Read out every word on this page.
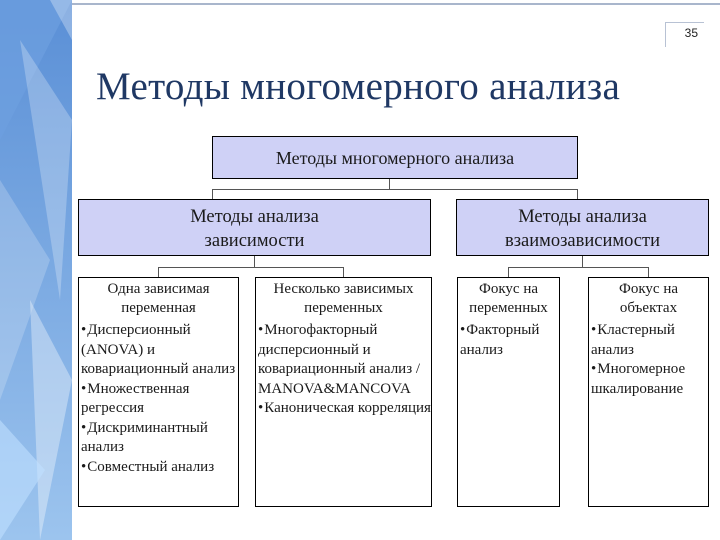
35
Методы многомерного анализа
Методы многомерного анализа
Методы анализа
зависимости
Методы анализа
взаимозависимости
Одна зависимая
переменная
•Дисперсионный (ANOVA) и ковариационный анализ
•Множественная регрессия
•Дискриминантный анализ
•Совместный анализ
Несколько зависимых
переменных
•Многофакторный дисперсионный и ковариационный анализ / MANOVA&MANCOVA
•Каноническая корреляция
Фокус на
переменных
•Факторный анализ
Фокус на
объектах
•Кластерный анализ
•Многомерное шкалирование
